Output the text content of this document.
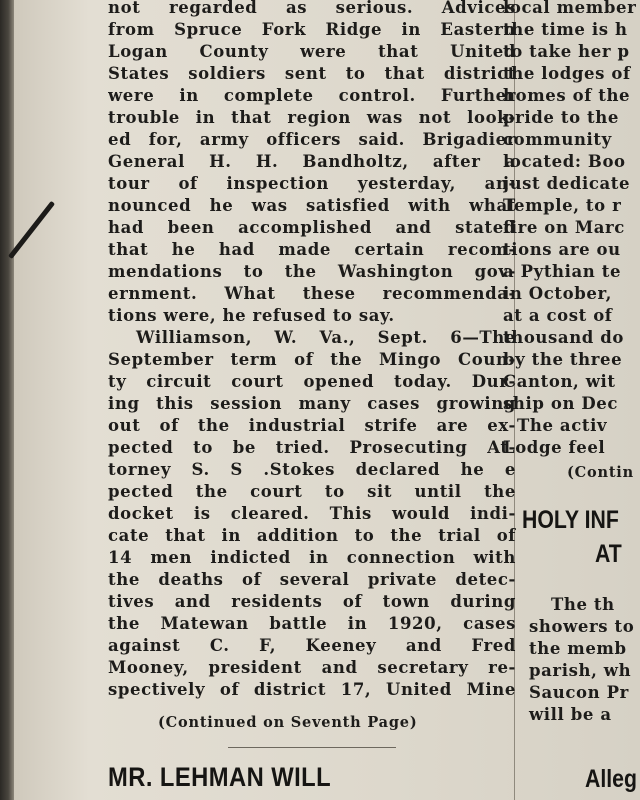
not regarded as serious. Advices
from Spruce Fork Ridge in Eastern
Logan County were that United
States soldiers sent to that district
were in complete control. Further
trouble in that region was not look-
ed for, army officers said. Brigadier
General H. H. Bandholtz, after a
tour of inspection yesterday, an-
nounced he was satisfied with what
had been accomplished and stated
that he had made certain recom-
mendations to the Washington gov-
ernment. What these recommenda-
tions were, he refused to say.
Williamson, W. Va., Sept. 6—The
September term of the Mingo Coun-
ty circuit court opened today. Dur-
ing this session many cases growing
out of the industrial strife are ex-
pected to be tried. Prosecuting At-
torney S. S .Stokes declared he e
pected the court to sit until the
docket is cleared. This would indi-
cate that in addition to the trial of
14 men indicted in connection with
the deaths of several private detec-
tives and residents of town during
the Matewan battle in 1920, cases
against C. F, Keeney and Fred
Mooney, president and secretary re-
spectively of district 17, United Mine
(Continued on Seventh Page)
MR. LEHMAN WILL
local member
the time is h
to take her p
the lodges of
homes of the
pride to the
community
located: Boo
just dedicate
Temple, to r
fire on Marc
tions are ou
a Pythian te
in October,
at a cost of
thousand do
by the three
Canton, wit
ship on Dec
The activ
Lodge feel
(Contin
HOLY INF
AT
The th
showers to
the memb
parish, wh
Saucon Pr
will be a
Alleg
